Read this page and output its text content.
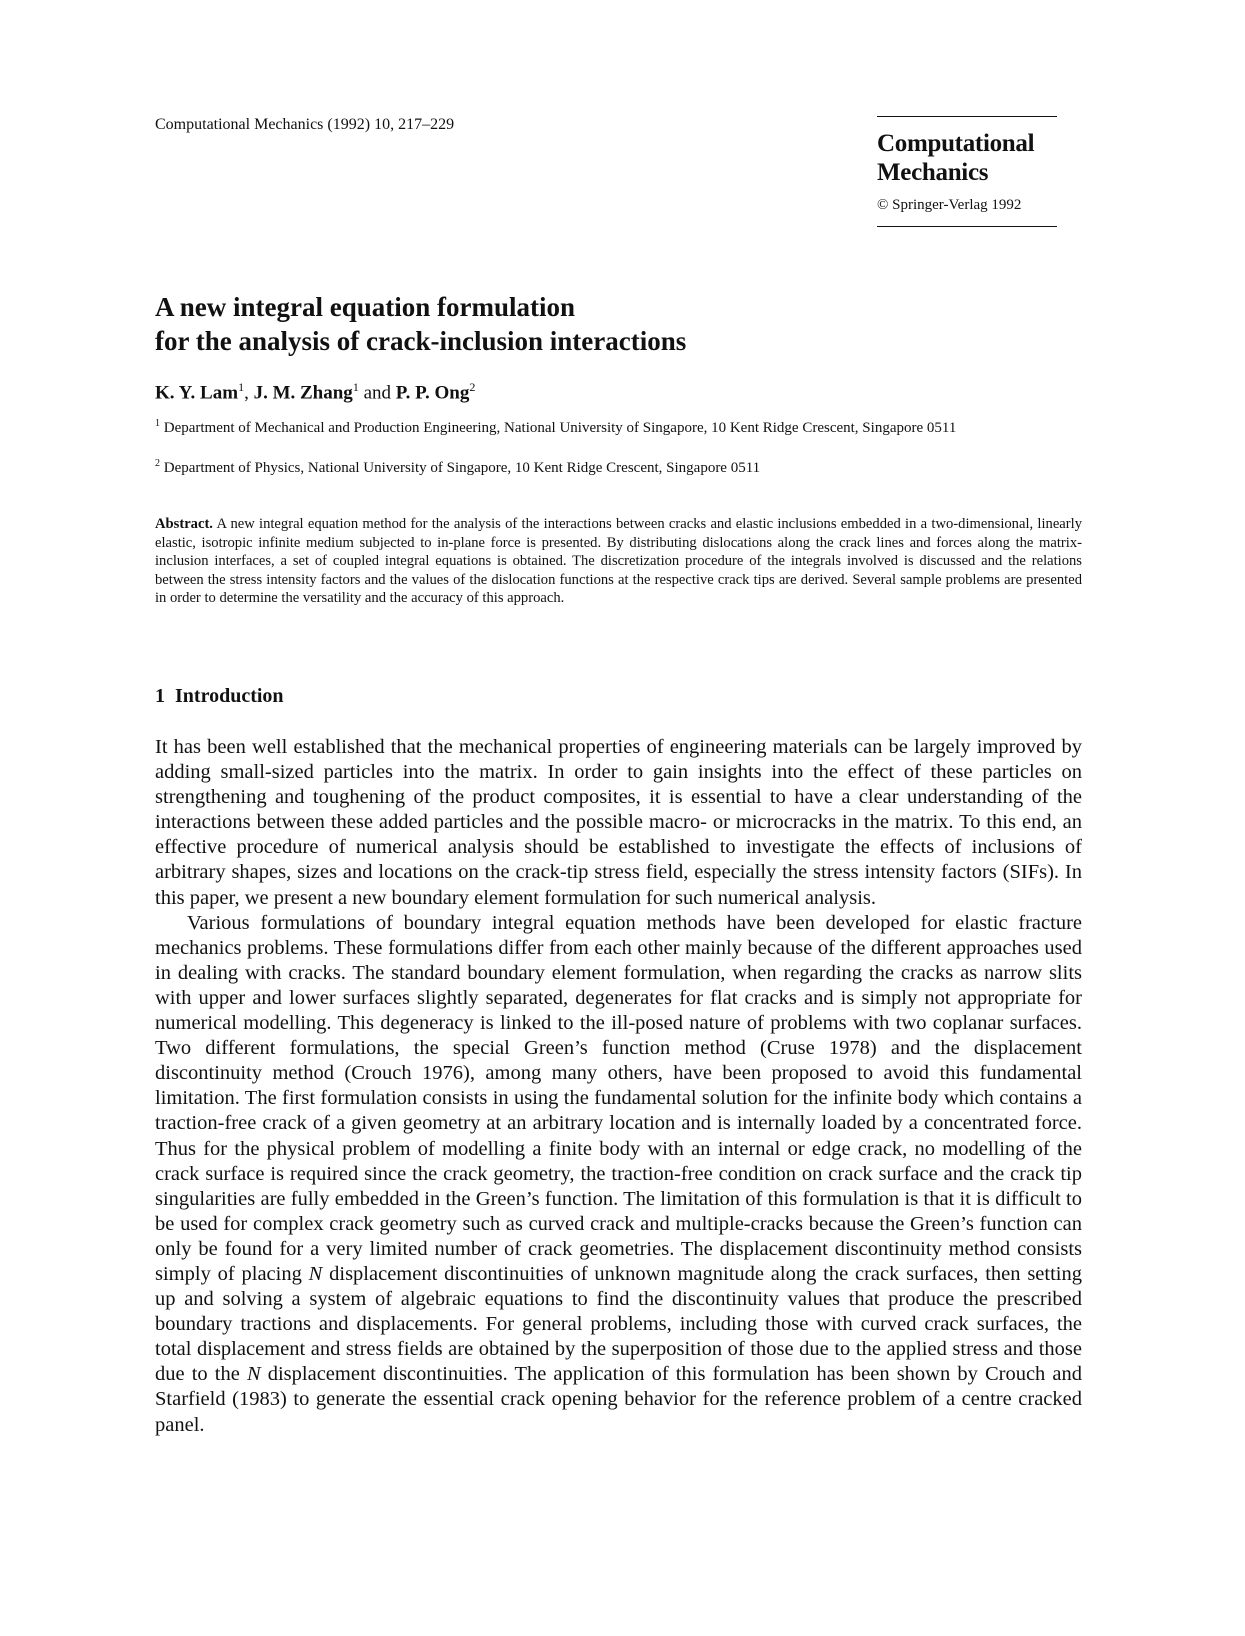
Computational Mechanics (1992) 10, 217–229
Computational
Mechanics
© Springer-Verlag 1992
A new integral equation formulation
for the analysis of crack-inclusion interactions
K. Y. Lam$^1$, J. M. Zhang$^1$ and P. P. Ong$^2$
$^1$ Department of Mechanical and Production Engineering, National University of Singapore, 10 Kent Ridge Crescent, Singapore 0511
$^2$ Department of Physics, National University of Singapore, 10 Kent Ridge Crescent, Singapore 0511
Abstract. A new integral equation method for the analysis of the interactions between cracks and elastic inclusions embedded in a two-dimensional, linearly elastic, isotropic infinite medium subjected to in-plane force is presented. By distributing dislocations along the crack lines and forces along the matrix-inclusion interfaces, a set of coupled integral equations is obtained. The discretization procedure of the integrals involved is discussed and the relations between the stress intensity factors and the values of the dislocation functions at the respective crack tips are derived. Several sample problems are presented in order to determine the versatility and the accuracy of this approach.
1 Introduction

It has been well established that the mechanical properties of engineering materials can be largely improved by adding small-sized particles into the matrix. In order to gain insights into the effect of these particles on strengthening and toughening of the product composites, it is essential to have a clear understanding of the interactions between these added particles and the possible macro- or microcracks in the matrix. To this end, an effective procedure of numerical analysis should be established to investigate the effects of inclusions of arbitrary shapes, sizes and locations on the crack-tip stress field, especially the stress intensity factors (SIFs). In this paper, we present a new boundary element formulation for such numerical analysis.

Various formulations of boundary integral equation methods have been developed for elastic fracture mechanics problems. These formulations differ from each other mainly because of the different approaches used in dealing with cracks. The standard boundary element formulation, when regarding the cracks as narrow slits with upper and lower surfaces slightly separated, degenerates for flat cracks and is simply not appropriate for numerical modelling. This degeneracy is linked to the ill-posed nature of problems with two coplanar surfaces. Two different formulations, the special Green’s function method (Cruse 1978) and the displacement discontinuity method (Crouch 1976), among many others, have been proposed to avoid this fundamental limitation. The first formulation consists in using the fundamental solution for the infinite body which contains a traction-free crack of a given geometry at an arbitrary location and is internally loaded by a concentrated force. Thus for the physical problem of modelling a finite body with an internal or edge crack, no modelling of the crack surface is required since the crack geometry, the traction-free condition on crack surface and the crack tip singularities are fully embedded in the Green’s function. The limitation of this formulation is that it is difficult to be used for complex crack geometry such as curved crack and multiple-cracks because the Green’s function can only be found for a very limited number of crack geometries. The displacement discontinuity method consists simply of placing N displacement discontinuities of unknown magnitude along the crack surfaces, then setting up and solving a system of algebraic equations to find the discontinuity values that produce the prescribed boundary tractions and displacements. For general problems, including those with curved crack surfaces, the total displacement and stress fields are obtained by the superposition of those due to the applied stress and those due to the N displacement discontinuities. The application of this formulation has been shown by Crouch and Starfield (1983) to generate the essential crack opening behavior for the reference problem of a centre cracked panel.
